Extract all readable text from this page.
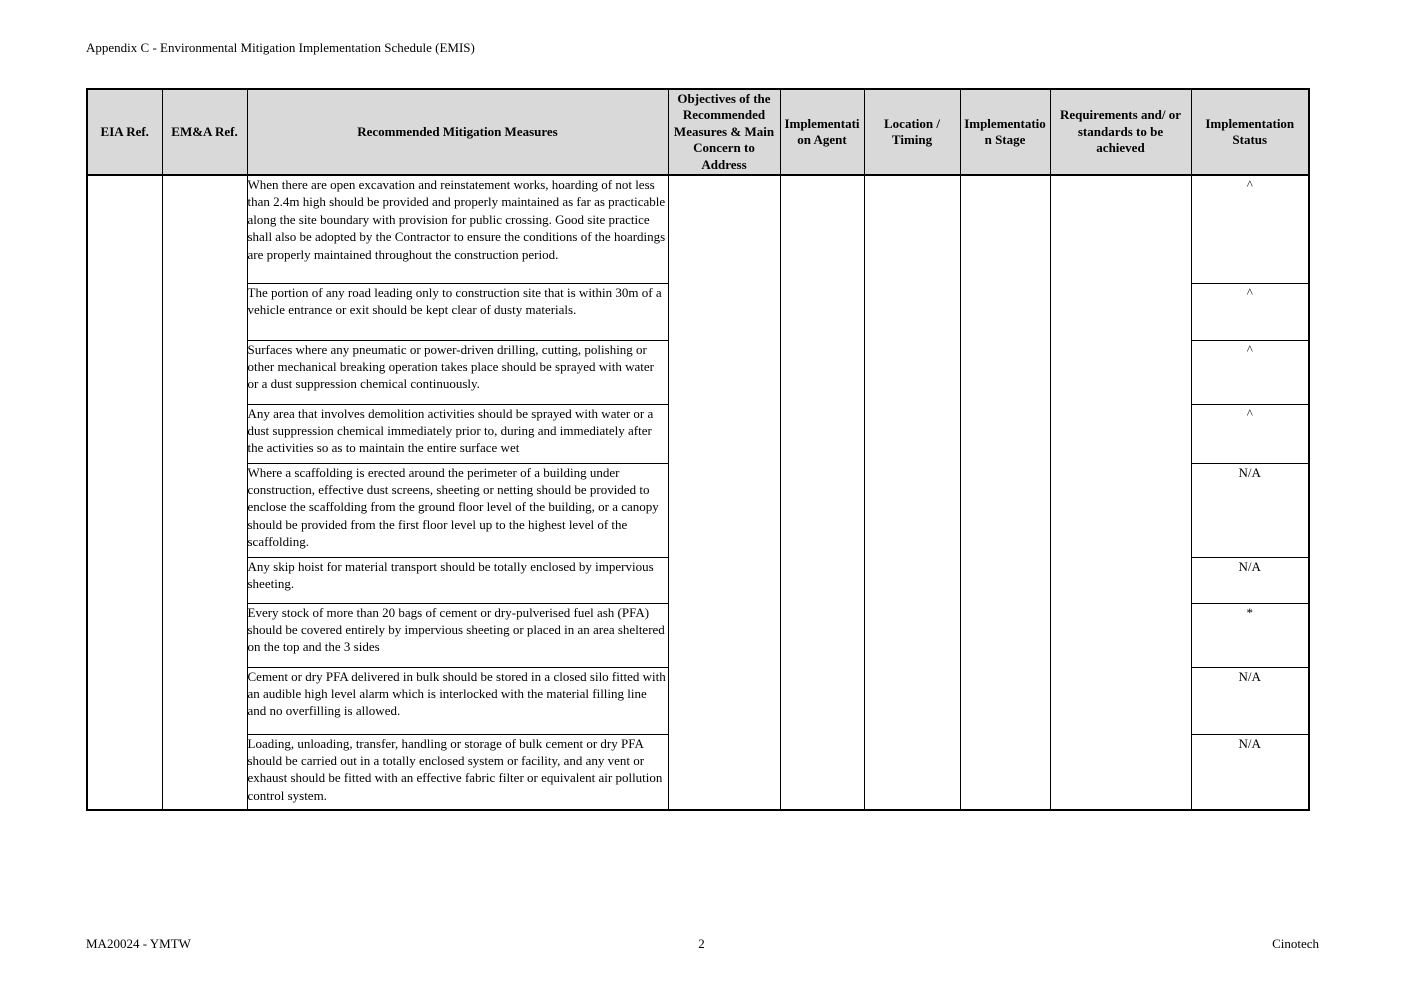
Appendix C - Environmental Mitigation Implementation Schedule (EMIS)
EIA Ref.	EM&A Ref.	Recommended Mitigation Measures	Objectives of the Recommended Measures & Main Concern to Address	Implementation Agent	Location / Timing	Implementation Stage	Requirements and/ or standards to be achieved	Implementation Status
		When there are open excavation and reinstatement works, hoarding of not less than 2.4m high should be provided and properly maintained as far as practicable along the site boundary with provision for public crossing. Good site practice shall also be adopted by the Contractor to ensure the conditions of the hoardings are properly maintained throughout the construction period.						^
		The portion of any road leading only to construction site that is within 30m of a vehicle entrance or exit should be kept clear of dusty materials.						^
		Surfaces where any pneumatic or power-driven drilling, cutting, polishing or other mechanical breaking operation takes place should be sprayed with water or a dust suppression chemical continuously.						^
		Any area that involves demolition activities should be sprayed with water or a dust suppression chemical immediately prior to, during and immediately after the activities so as to maintain the entire surface wet						^
		Where a scaffolding is erected around the perimeter of a building under construction, effective dust screens, sheeting or netting should be provided to enclose the scaffolding from the ground floor level of the building, or a canopy should be provided from the first floor level up to the highest level of the scaffolding.						N/A
		Any skip hoist for material transport should be totally enclosed by impervious sheeting.						N/A
		Every stock of more than 20 bags of cement or dry-pulverised fuel ash (PFA) should be covered entirely by impervious sheeting or placed in an area sheltered on the top and the 3 sides						*
		Cement or dry PFA delivered in bulk should be stored in a closed silo fitted with an audible high level alarm which is interlocked with the material filling line and no overfilling is allowed.						N/A
		Loading, unloading, transfer, handling or storage of bulk cement or dry PFA should be carried out in a totally enclosed system or facility, and any vent or exhaust should be fitted with an effective fabric filter or equivalent air pollution control system.						N/A
MA20024 - YMTW	2	Cinotech
